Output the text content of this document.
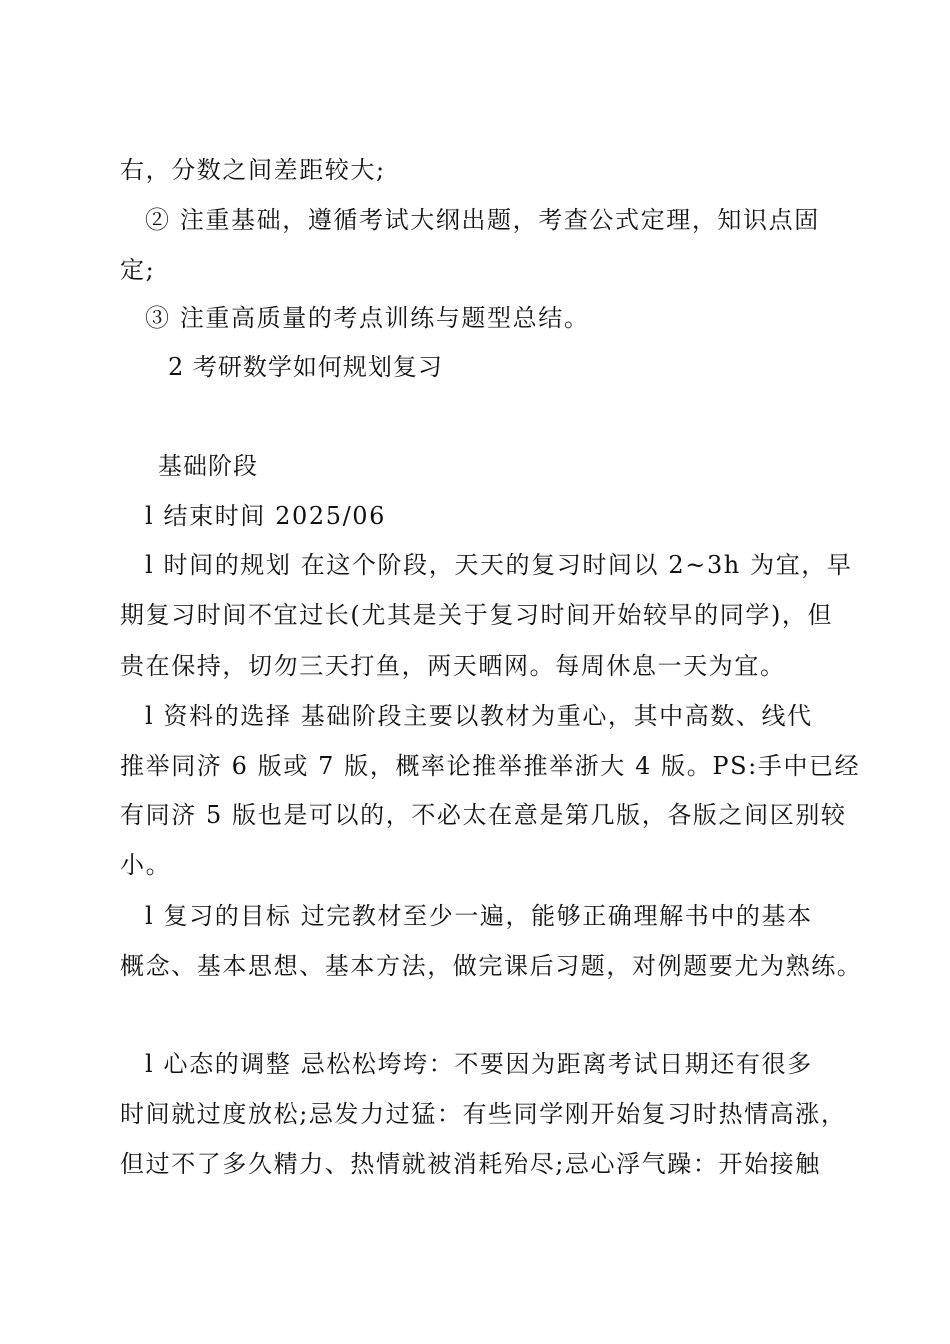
右，分数之间差距较大;
② 注重基础，遵循考试大纲出题，考查公式定理，知识点固
定;
③ 注重高质量的考点训练与题型总结。
2 考研数学如何规划复习
基础阶段
l 结束时间 2025/06
l 时间的规划 在这个阶段，天天的复习时间以 2~3h 为宜，早
期复习时间不宜过长(尤其是关于复习时间开始较早的同学)，但
贵在保持，切勿三天打鱼，两天晒网。每周休息一天为宜。
l 资料的选择 基础阶段主要以教材为重心，其中高数、线代
推举同济 6 版或 7 版，概率论推举推举浙大 4 版。PS:手中已经
有同济 5 版也是可以的，不必太在意是第几版，各版之间区别较
小。
l 复习的目标 过完教材至少一遍，能够正确理解书中的基本
概念、基本思想、基本方法，做完课后习题，对例题要尤为熟练。
l 心态的调整 忌松松垮垮：不要因为距离考试日期还有很多
时间就过度放松;忌发力过猛：有些同学刚开始复习时热情高涨，
但过不了多久精力、热情就被消耗殆尽;忌心浮气躁：开始接触
